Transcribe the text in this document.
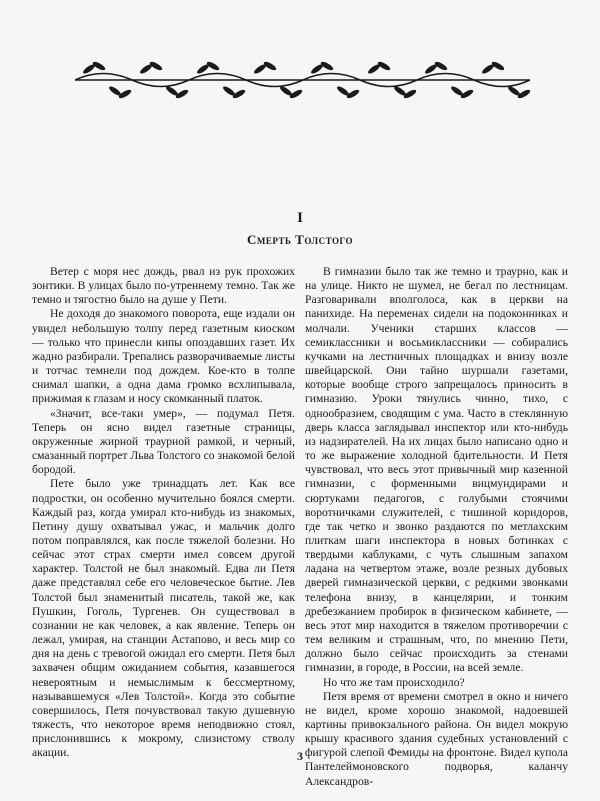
I
Смерть Толстого

Ветер с моря нес дождь, рвал из рук прохожих зонтики. В улицах было по-утреннему темно. Так же темно и тягостно было на душе у Пети.

Не доходя до знакомого поворота, еще издали он увидел небольшую толпу перед газетным киоском — только что принесли кипы опоздавших газет. Их жадно разбирали. Трепались разворачиваемые листы и тотчас темнели под дождем. Кое-кто в толпе снимал шапки, а одна дама громко всхлипывала, прижимая к глазам и носу скомканный платок.

«Значит, все-таки умер», — подумал Петя. Теперь он ясно видел газетные страницы, окруженные жирной траурной рамкой, и черный, смазанный портрет Льва Толстого со знакомой белой бородой.

Пете было уже тринадцать лет. Как все подростки, он особенно мучительно боялся смерти. Каждый раз, когда умирал кто-нибудь из знакомых, Петину душу охватывал ужас, и мальчик долго потом поправлялся, как после тяжелой болезни. Но сейчас этот страх смерти имел совсем другой характер. Толстой не был знакомый. Едва ли Петя даже представлял себе его человеческое бытие. Лев Толстой был знаменитый писатель, такой же, как Пушкин, Гоголь, Тургенев. Он существовал в сознании не как человек, а как явление. Теперь он лежал, умирая, на станции Астапово, и весь мир со дня на день с тревогой ожидал его смерти. Петя был захвачен общим ожиданием события, казавшегося невероятным и немыслимым к бессмертному, называвшемуся «Лев Толстой». Когда это событие совершилось, Петя почувствовал такую душевную тяжесть, что некоторое время неподвижно стоял, прислонившись к мокрому, слизистому стволу акации.

В гимназии было так же темно и траурно, как и на улице. Никто не шумел, не бегал по лестницам. Разговаривали вполголоса, как в церкви на панихиде. На переменах сидели на подоконниках и молчали. Ученики старших классов — семиклассники и восьмиклассники — собирались кучками на лестничных площадках и внизу возле швейцарской. Они тайно шуршали газетами, которые вообще строго запрещалось приносить в гимназию. Уроки тянулись чинно, тихо, с однообразием, сводящим с ума. Часто в стеклянную дверь класса заглядывал инспектор или кто-нибудь из надзирателей. На их лицах было написано одно и то же выражение холодной бдительности. И Петя чувствовал, что весь этот привычный мир казенной гимназии, с форменными вицмундирами и сюртуками педагогов, с голубыми стоячими воротничками служителей, с тишиной коридоров, где так четко и звонко раздаются по метлахским плиткам шаги инспектора в новых ботинках с твердыми каблуками, с чуть слышным запахом ладана на четвертом этаже, возле резных дубовых дверей гимназической церкви, с редкими звонками телефона внизу, в канцелярии, и тонким дребезжанием пробирок в физическом кабинете, — весь этот мир находится в тяжелом противоречии с тем великим и страшным, что, по мнению Пети, должно было сейчас происходить за стенами гимназии, в городе, в России, на всей земле.

Но что же там происходило?

Петя время от времени смотрел в окно и ничего не видел, кроме хорошо знакомой, надоевшей картины привокзального района. Он видел мокрую крышу красивого здания судебных установлений с фигурой слепой Фемиды на фронтоне. Видел купола Пантелеймоновского подворья, каланчу Александров-

3
